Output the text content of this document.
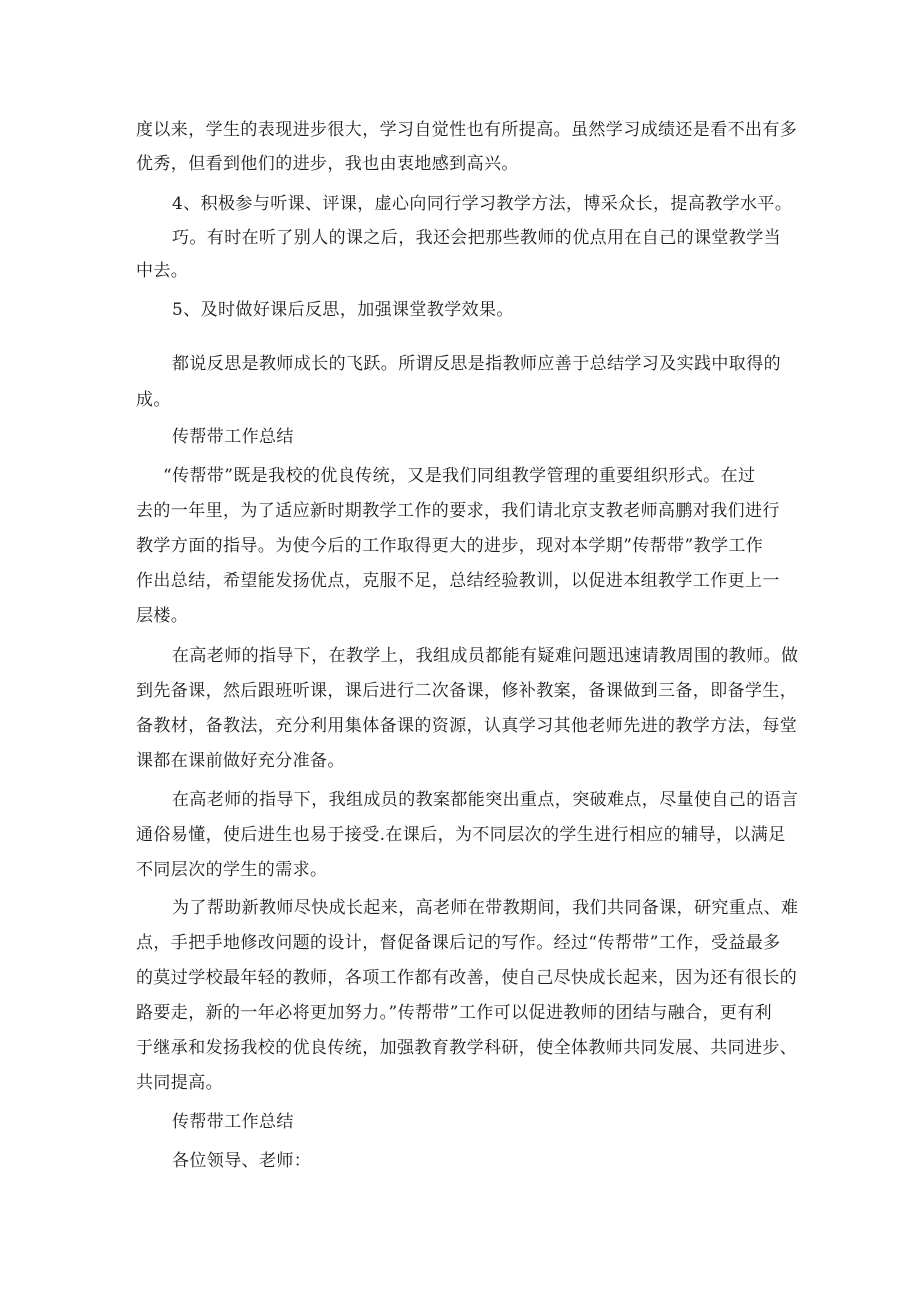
度以来，学生的表现进步很大，学习自觉性也有所提高。虽然学习成绩还是看不出有多
优秀，但看到他们的进步，我也由衷地感到高兴。
4、积极参与听课、评课，虚心向同行学习教学方法，博采众长，提高教学水平。
巧。有时在听了别人的课之后，我还会把那些教师的优点用在自己的课堂教学当
中去。
5、及时做好课后反思，加强课堂教学效果。
都说反思是教师成长的飞跃。所谓反思是指教师应善于总结学习及实践中取得的
成。
传帮带工作总结
“传帮带”既是我校的优良传统，又是我们同组教学管理的重要组织形式。在过
去的一年里，为了适应新时期教学工作的要求，我们请北京支教老师高鹏对我们进行
教学方面的指导。为使今后的工作取得更大的进步，现对本学期”传帮带”教学工作
作出总结，希望能发扬优点，克服不足，总结经验教训，以促进本组教学工作更上一
层楼。
在高老师的指导下，在教学上，我组成员都能有疑难问题迅速请教周围的教师。做
到先备课，然后跟班听课，课后进行二次备课，修补教案，备课做到三备，即备学生，
备教材，备教法，充分利用集体备课的资源，认真学习其他老师先进的教学方法，每堂
课都在课前做好充分准备。
在高老师的指导下，我组成员的教案都能突出重点，突破难点，尽量使自己的语言
通俗易懂，使后进生也易于接受.在课后，为不同层次的学生进行相应的辅导，以满足
不同层次的学生的需求。
为了帮助新教师尽快成长起来，高老师在带教期间，我们共同备课，研究重点、难
点，手把手地修改问题的设计，督促备课后记的写作。经过“传帮带”工作，受益最多
的莫过学校最年轻的教师，各项工作都有改善，使自己尽快成长起来，因为还有很长的
路要走，新的一年必将更加努力。”传帮带”工作可以促进教师的团结与融合，更有利
于继承和发扬我校的优良传统，加强教育教学科研，使全体教师共同发展、共同进步、
共同提高。
传帮带工作总结
各位领导、老师：
